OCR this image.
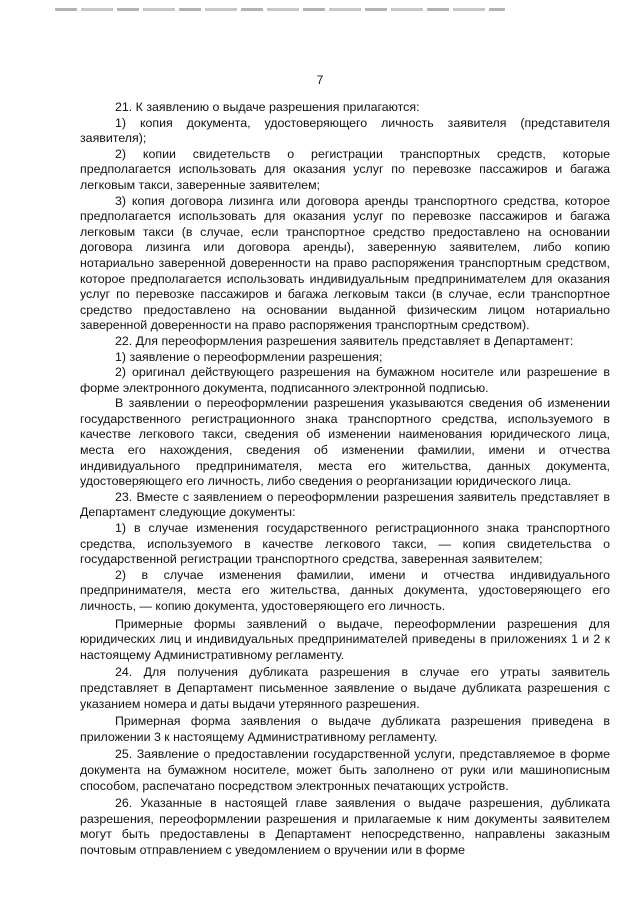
7

21. К заявлению о выдаче разрешения прилагаются:

1) копия документа, удостоверяющего личность заявителя (представителя заявителя);

2) копии свидетельств о регистрации транспортных средств, которые предполагается использовать для оказания услуг по перевозке пассажиров и багажа легковым такси, заверенные заявителем;

3) копия договора лизинга или договора аренды транспортного средства, которое предполагается использовать для оказания услуг по перевозке пассажиров и багажа легковым такси (в случае, если транспортное средство предоставлено на основании договора лизинга или договора аренды), заверенную заявителем, либо копию нотариально заверенной доверенности на право распоряжения транспортным средством, которое предполагается использовать индивидуальным предпринимателем для оказания услуг по перевозке пассажиров и багажа легковым такси (в случае, если транспортное средство предоставлено на основании выданной физическим лицом нотариально заверенной доверенности на право распоряжения транспортным средством).

22. Для переоформления разрешения заявитель представляет в Департамент:

1) заявление о переоформлении разрешения;

2) оригинал действующего разрешения на бумажном носителе или разрешение в форме электронного документа, подписанного электронной подписью.

В заявлении о переоформлении разрешения указываются сведения об изменении государственного регистрационного знака транспортного средства, используемого в качестве легкового такси, сведения об изменении наименования юридического лица, места его нахождения, сведения об изменении фамилии, имени и отчества индивидуального предпринимателя, места его жительства, данных документа, удостоверяющего его личность, либо сведения о реорганизации юридического лица.

23. Вместе с заявлением о переоформлении разрешения заявитель представляет в Департамент следующие документы:

1) в случае изменения государственного регистрационного знака транспортного средства, используемого в качестве легкового такси, — копия свидетельства о государственной регистрации транспортного средства, заверенная заявителем;

2) в случае изменения фамилии, имени и отчества индивидуального предпринимателя, места его жительства, данных документа, удостоверяющего его личность, — копию документа, удостоверяющего его личность.

Примерные формы заявлений о выдаче, переоформлении разрешения для юридических лиц и индивидуальных предпринимателей приведены в приложениях 1 и 2 к настоящему Административному регламенту.

24. Для получения дубликата разрешения в случае его утраты заявитель представляет в Департамент письменное заявление о выдаче дубликата разрешения с указанием номера и даты выдачи утерянного разрешения.

Примерная форма заявления о выдаче дубликата разрешения приведена в приложении 3 к настоящему Административному регламенту.

25. Заявление о предоставлении государственной услуги, представляемое в форме документа на бумажном носителе, может быть заполнено от руки или машинописным способом, распечатано посредством электронных печатающих устройств.

26. Указанные в настоящей главе заявления о выдаче разрешения, дубликата разрешения, переоформлении разрешения и прилагаемые к ним документы заявителем могут быть предоставлены в Департамент непосредственно, направлены заказным почтовым отправлением с уведомлением о вручении или в форме
